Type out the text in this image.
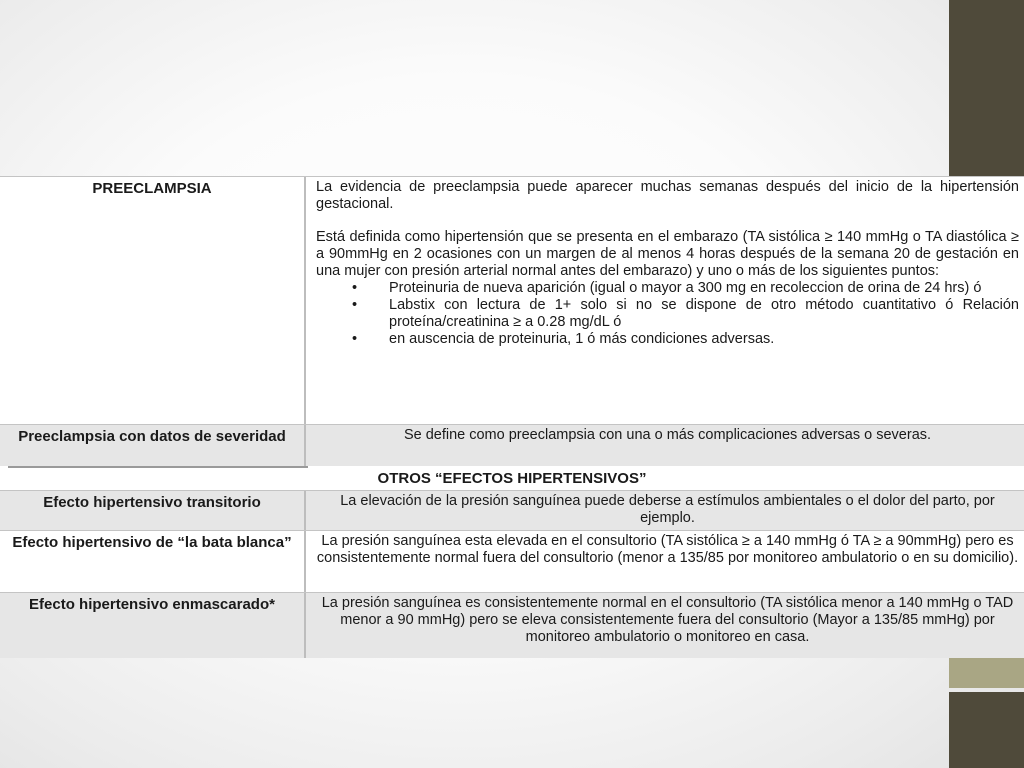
PREECLAMPSIA	La evidencia de preeclampsia puede aparecer muchas semanas después del inicio de la hipertensión gestacional.

Está definida como hipertensión que se presenta en el embarazo (TA sistólica ≥ 140 mmHg o TA diastólica ≥ a 90mmHg en 2 ocasiones con un margen de al menos 4 horas después de la semana 20 de gestación en una mujer con presión arterial normal antes del embarazo) y uno o más de los siguientes puntos:

• Proteinuria de nueva aparición (igual o mayor a 300 mg en recoleccion de orina de 24 hrs) ó
• Labstix con lectura de 1+ solo si no se dispone de otro método cuantitativo ó Relación proteína/creatinina ≥ a 0.28 mg/dL ó
• en auscencia de proteinuria, 1 ó más condiciones adversas.
Preeclampsia con datos de severidad	Se define como preeclampsia con una o más complicaciones adversas o severas.
OTROS “EFECTOS HIPERTENSIVOS”
Efecto hipertensivo transitorio	La elevación de la presión sanguínea puede deberse a estímulos ambientales o el dolor del parto, por ejemplo.
Efecto hipertensivo de “la bata blanca”	La presión sanguínea esta elevada en el consultorio (TA sistólica ≥ a 140 mmHg ó TA ≥ a 90mmHg) pero es consistentemente normal fuera del consultorio (menor a 135/85 por monitoreo ambulatorio o en su domicilio).
Efecto hipertensivo enmascarado*	La presión sanguínea es consistentemente normal en el consultorio (TA sistólica menor a 140 mmHg o TAD menor a 90 mmHg) pero se eleva consistentemente fuera del consultorio (Mayor a 135/85 mmHg) por monitoreo ambulatorio o monitoreo en casa.
